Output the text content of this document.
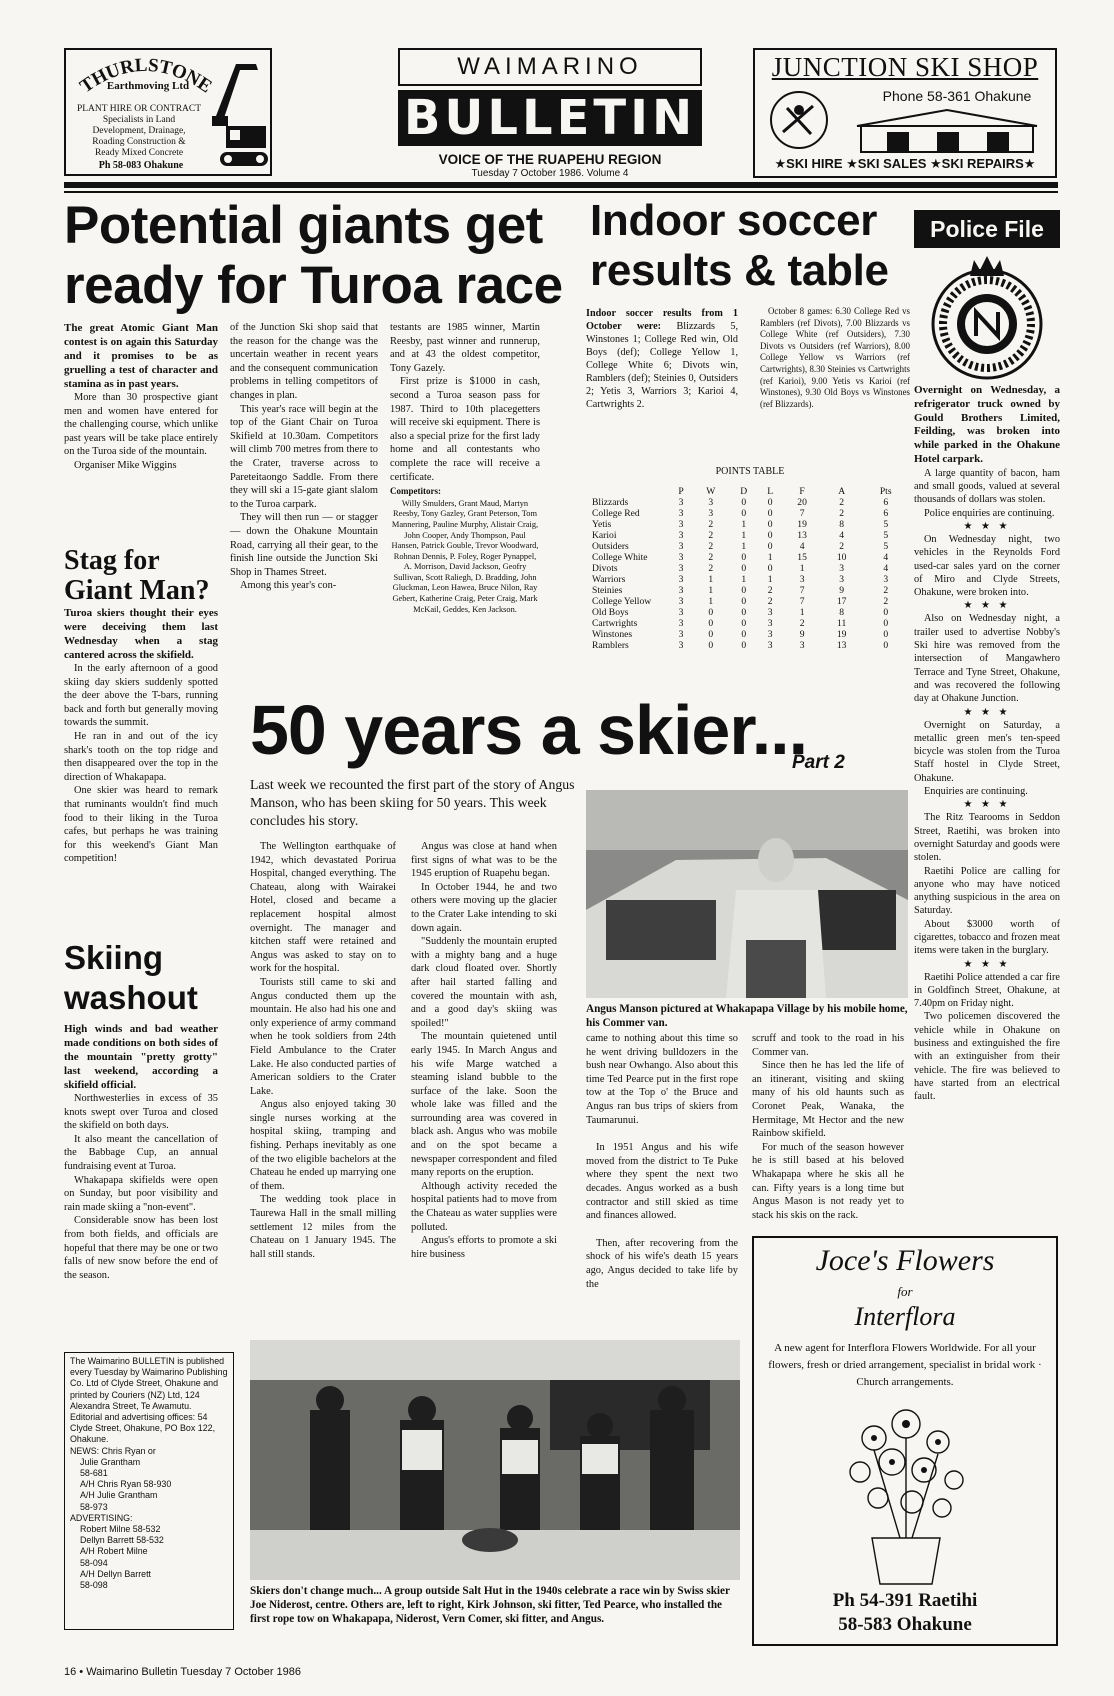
THURLSTONE
Earthmoving Ltd
PLANT HIRE OR CONTRACT
Specialists in Land
Development, Drainage,
Roading Construction &
Ready Mixed Concrete
Ph 58-083 Ohakune
WAIMARINO
BULLETIN
VOICE OF THE RUAPEHU REGION
Tuesday 7 October 1986. Volume 4
JUNCTION SKI SHOP
Phone 58-361 Ohakune
★SKI HIRE ★SKI SALES ★SKI REPAIRS★
Potential giants get ready for Turoa race

The great Atomic Giant Man contest is on again this Saturday and it promises to be as gruelling a test of character and stamina as in past years.

More than 30 prospective giant men and women have entered for the challenging course, which unlike past years will be take place entirely on the Turoa side of the mountain.

Organiser Mike Wiggins

Stag for Giant Man?

Turoa skiers thought their eyes were deceiving them last Wednesday when a stag cantered across the skifield.

In the early afternoon of a good skiing day skiers suddenly spotted the deer above the T-bars, running back and forth but generally moving towards the summit.

He ran in and out of the icy shark's tooth on the top ridge and then disappeared over the top in the direction of Whakapapa.

One skier was heard to remark that ruminants wouldn't find much food to their liking in the Turoa cafes, but perhaps he was training for this weekend's Giant Man competition!

Skiing washout

High winds and bad weather made conditions on both sides of the mountain "pretty grotty" last weekend, according a skifield official.

Northwesterlies in excess of 35 knots swept over Turoa and closed the skifield on both days.

It also meant the cancellation of the Babbage Cup, an annual fundraising event at Turoa.

Whakapapa skifields were open on Sunday, but poor visibility and rain made skiing a "non-event".

Considerable snow has been lost from both fields, and officials are hopeful that there may be one or two falls of new snow before the end of the season.

The Waimarino BULLETIN is published every Tuesday by Waimarino Publishing Co. Ltd of Clyde Street, Ohakune and printed by Couriers (NZ) Ltd, 124 Alexandra Street, Te Awamutu.
Editorial and advertising offices: 54 Clyde Street, Ohakune, PO Box 122, Ohakune.
NEWS: Chris Ryan or
Julie Grantham
58-681
A/H Chris Ryan 58-930
A/H Julie Grantham
58-973
ADVERTISING:
Robert Milne 58-532
Dellyn Barrett 58-532
A/H Robert Milne
58-094
A/H Dellyn Barrett
58-098

of the Junction Ski shop said that the reason for the change was the uncertain weather in recent years and the consequent communication problems in telling competitors of changes in plan.

This year's race will begin at the top of the Giant Chair on Turoa Skifield at 10.30am. Competitors will climb 700 metres from there to the Crater, traverse across to Pareteitaongo Saddle. From there they will ski a 15-gate giant slalom to the Turoa carpark.

They will then run — or stagger — down the Ohakune Mountain Road, carrying all their gear, to the finish line outside the Junction Ski Shop in Thames Street.

Among this year's con-

testants are 1985 winner, Martin Reesby, past winner and runnerup, and at 43 the oldest competitor, Tony Gazely.

First prize is $1000 in cash, second a Turoa season pass for 1987. Third to 10th placegetters will receive ski equipment. There is also a special prize for the first lady home and all contestants who complete the race will receive a certificate.

Competitors:
Willy Smulders, Grant Maud, Martyn Reesby, Tony Gazley, Grant Peterson, Tom Mannering, Pauline Murphy, Alistair Craig, John Cooper, Andy Thompson, Paul Hansen, Patrick Gouble, Trevor Woodward, Rohnan Dennis, P. Foley, Roger Pynappel, A. Morrison, David Jackson, Geofry Sullivan, Scott Raliegh, D. Bradding, John Gluckman, Leon Hawea, Bruce Nilon, Ray Gebert, Katherine Craig, Peter Craig, Mark McKail, Geddes, Ken Jackson.
Indoor soccer results & table

Indoor soccer results from 1 October were: Blizzards 5, Winstones 1; College Red win, Old Boys (def); College Yellow 1, College White 6; Divots win, Ramblers (def); Steinies 0, Outsiders 2; Yetis 3, Warriors 3; Karioi 4, Cartwrights 2.

October 8 games: 6.30 College Red vs Ramblers (ref Divots), 7.00 Blizzards vs College White (ref Outsiders), 7.30 Divots vs Outsiders (ref Warriors), 8.00 College Yellow vs Warriors (ref Cartwrights), 8.30 Steinies vs Cartwrights (ref Karioi), 9.00 Yetis vs Karioi (ref Winstones), 9.30 Old Boys vs Winstones (ref Blizzards).

POINTS TABLE
	P	W	D	L	F	A	Pts
Blizzards	3	3	0	0	20	2	6
College Red	3	3	0	0	7	2	6
Yetis	3	2	1	0	19	8	5
Karioi	3	2	1	0	13	4	5
Outsiders	3	2	1	0	4	2	5
College White	3	2	0	1	15	10	4
Divots	3	2	0	0	1	3	4
Warriors	3	1	1	1	3	3	3
Steinies	3	1	0	2	7	9	2
College Yellow	3	1	0	2	7	17	2
Old Boys	3	0	0	3	1	8	0
Cartwrights	3	0	0	3	2	11	0
Winstones	3	0	0	3	9	19	0
Ramblers	3	0	0	3	3	13	0
Police File

Overnight on Wednesday, a refrigerator truck owned by Gould Brothers Limited, Feilding, was broken into while parked in the Ohakune Hotel carpark.

A large quantity of bacon, ham and small goods, valued at several thousands of dollars was stolen.

Police enquiries are continuing.

★ ★ ★

On Wednesday night, two vehicles in the Reynolds Ford used-car sales yard on the corner of Miro and Clyde Streets, Ohakune, were broken into.

★ ★ ★

Also on Wednesday night, a trailer used to advertise Nobby's Ski hire was removed from the intersection of Mangawhero Terrace and Tyne Street, Ohakune, and was recovered the following day at Ohakune Junction.

★ ★ ★

Overnight on Saturday, a metallic green men's ten-speed bicycle was stolen from the Turoa Staff hostel in Clyde Street, Ohakune.

Enquiries are continuing.

★ ★ ★

The Ritz Tearooms in Seddon Street, Raetihi, was broken into overnight Saturday and goods were stolen.

Raetihi Police are calling for anyone who may have noticed anything suspicious in the area on Saturday.

About $3000 worth of cigarettes, tobacco and frozen meat items were taken in the burglary.

★ ★ ★

Raetihi Police attended a car fire in Goldfinch Street, Ohakune, at 7.40pm on Friday night.

Two policemen discovered the vehicle while in Ohakune on business and extinguished the fire with an extinguisher from their vehicle. The fire was believed to have started from an electrical fault.

50 years a skier...
Part 2
Last week we recounted the first part of the story of Angus Manson, who has been skiing for 50 years. This week concludes his story.

The Wellington earthquake of 1942, which devastated Porirua Hospital, changed everything. The Chateau, along with Wairakei Hotel, closed and became a replacement hospital almost overnight. The manager and kitchen staff were retained and Angus was asked to stay on to work for the hospital.

Tourists still came to ski and Angus conducted them up the mountain. He also had his one and only experience of army command when he took soldiers from 24th Field Ambulance to the Crater Lake. He also conducted parties of American soldiers to the Crater Lake.

Angus also enjoyed taking 30 single nurses working at the hospital skiing, tramping and fishing. Perhaps inevitably as one of the two eligible bachelors at the Chateau he ended up marrying one of them.

The wedding took place in Taurewa Hall in the small milling settlement 12 miles from the Chateau on 1 January 1945. The hall still stands.

Angus was close at hand when first signs of what was to be the 1945 eruption of Ruapehu began.

In October 1944, he and two others were moving up the glacier to the Crater Lake intending to ski down again.

"Suddenly the mountain erupted with a mighty bang and a huge dark cloud floated over. Shortly after hail started falling and covered the mountain with ash, and a good day's skiing was spoiled!"

The mountain quietened until early 1945. In March Angus and his wife Marge watched a steaming island bubble to the surface of the lake. Soon the whole lake was filled and the surrounding area was covered in black ash. Angus who was mobile and on the spot became a newspaper correspondent and filed many reports on the eruption.

Although activity receded the hospital patients had to move from the Chateau as water supplies were polluted.

Angus's efforts to promote a ski hire business

Angus Manson pictured at Whakapapa Village by his mobile home, his Commer van.

came to nothing about this time so he went driving bulldozers in the bush near Owhango. Also about this time Ted Pearce put in the first rope tow at the Top o' the Bruce and Angus ran bus trips of skiers from Taumarunui.

In 1951 Angus and his wife moved from the district to Te Puke where they spent the next two decades. Angus worked as a bush contractor and still skied as time and finances allowed.

Then, after recovering from the shock of his wife's death 15 years ago, Angus decided to take life by the

scruff and took to the road in his Commer van.

Since then he has led the life of an itinerant, visiting and skiing many of his old haunts such as Coronet Peak, Wanaka, the Hermitage, Mt Hector and the new Rainbow skifield.

For much of the season however he is still based at his beloved Whakapapa where he skis all he can. Fifty years is a long time but Angus Mason is not ready yet to stack his skis on the rack.

Skiers don't change much... A group outside Salt Hut in the 1940s celebrate a race win by Swiss skier Joe Niderost, centre. Others are, left to right, Kirk Johnson, ski fitter, Ted Pearce, who installed the first rope tow on Whakapapa, Niderost, Vern Comer, ski fitter, and Angus.
Joce's Flowers
for
Interflora
A new agent for Interflora Flowers Worldwide. For all your flowers, fresh or dried arrangement, specialist in bridal work · Church arrangements.
Ph 54-391 Raetihi
58-583 Ohakune
16 • Waimarino Bulletin Tuesday 7 October 1986
